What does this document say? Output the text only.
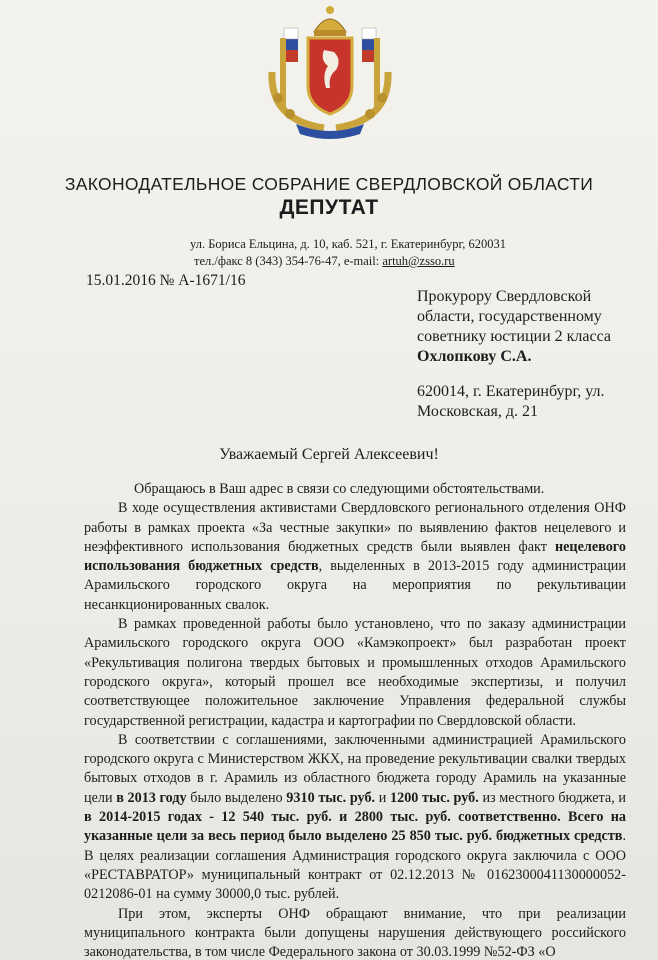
ЗАКОНОДАТЕЛЬНОЕ СОБРАНИЕ СВЕРДЛОВСКОЙ ОБЛАСТИ
ДЕПУТАТ
ул. Бориса Ельцина, д. 10, каб. 521, г. Екатеринбург, 620031
тел./факс 8 (343) 354-76-47, e-mail: artuh@zsso.ru
15.01.2016 № А-1671/16
Прокурору Свердловской
области, государственному
советнику юстиции 2 класса
Охлопкову С.А.
620014, г. Екатеринбург, ул.
Московская, д. 21
Уважаемый Сергей Алексеевич!

Обращаюсь в Ваш адрес в связи со следующими обстоятельствами.

В ходе осуществления активистами Свердловского регионального отделения ОНФ работы в рамках проекта «За честные закупки» по выявлению фактов нецелевого и неэффективного использования бюджетных средств были выявлен факт нецелевого использования бюджетных средств, выделенных в 2013-2015 году администрации Арамильского городского округа на мероприятия по рекультивации несанкционированных свалок.

В рамках проведенной работы было установлено, что по заказу администрации Арамильского городского округа ООО «Камэкопроект» был разработан проект «Рекультивация полигона твердых бытовых и промышленных отходов Арамильского городского округа», который прошел все необходимые экспертизы, и получил соответствующее положительное заключение Управления федеральной службы государственной регистрации, кадастра и картографии по Свердловской области.

В соответствии с соглашениями, заключенными администрацией Арамильского городского округа с Министерством ЖКХ, на проведение рекультивации свалки твердых бытовых отходов в г. Арамиль из областного бюджета городу Арамиль на указанные цели в 2013 году было выделено 9310 тыс. руб. и 1200 тыс. руб. из местного бюджета, и в 2014-2015 годах - 12 540 тыс. руб. и 2800 тыс. руб. соответственно. Всего на указанные цели за весь период было выделено 25 850 тыс. руб. бюджетных средств. В целях реализации соглашения Администрация городского округа заключила с ООО «РЕСТАВРАТОР» муниципальный контракт от 02.12.2013 № 0162300041130000052-0212086-01 на сумму 30000,0 тыс. рублей.

При этом, эксперты ОНФ обращают внимание, что при реализации муниципального контракта были допущены нарушения действующего российского законодательства, в том числе Федерального закона от 30.03.1999 №52-ФЗ «О
